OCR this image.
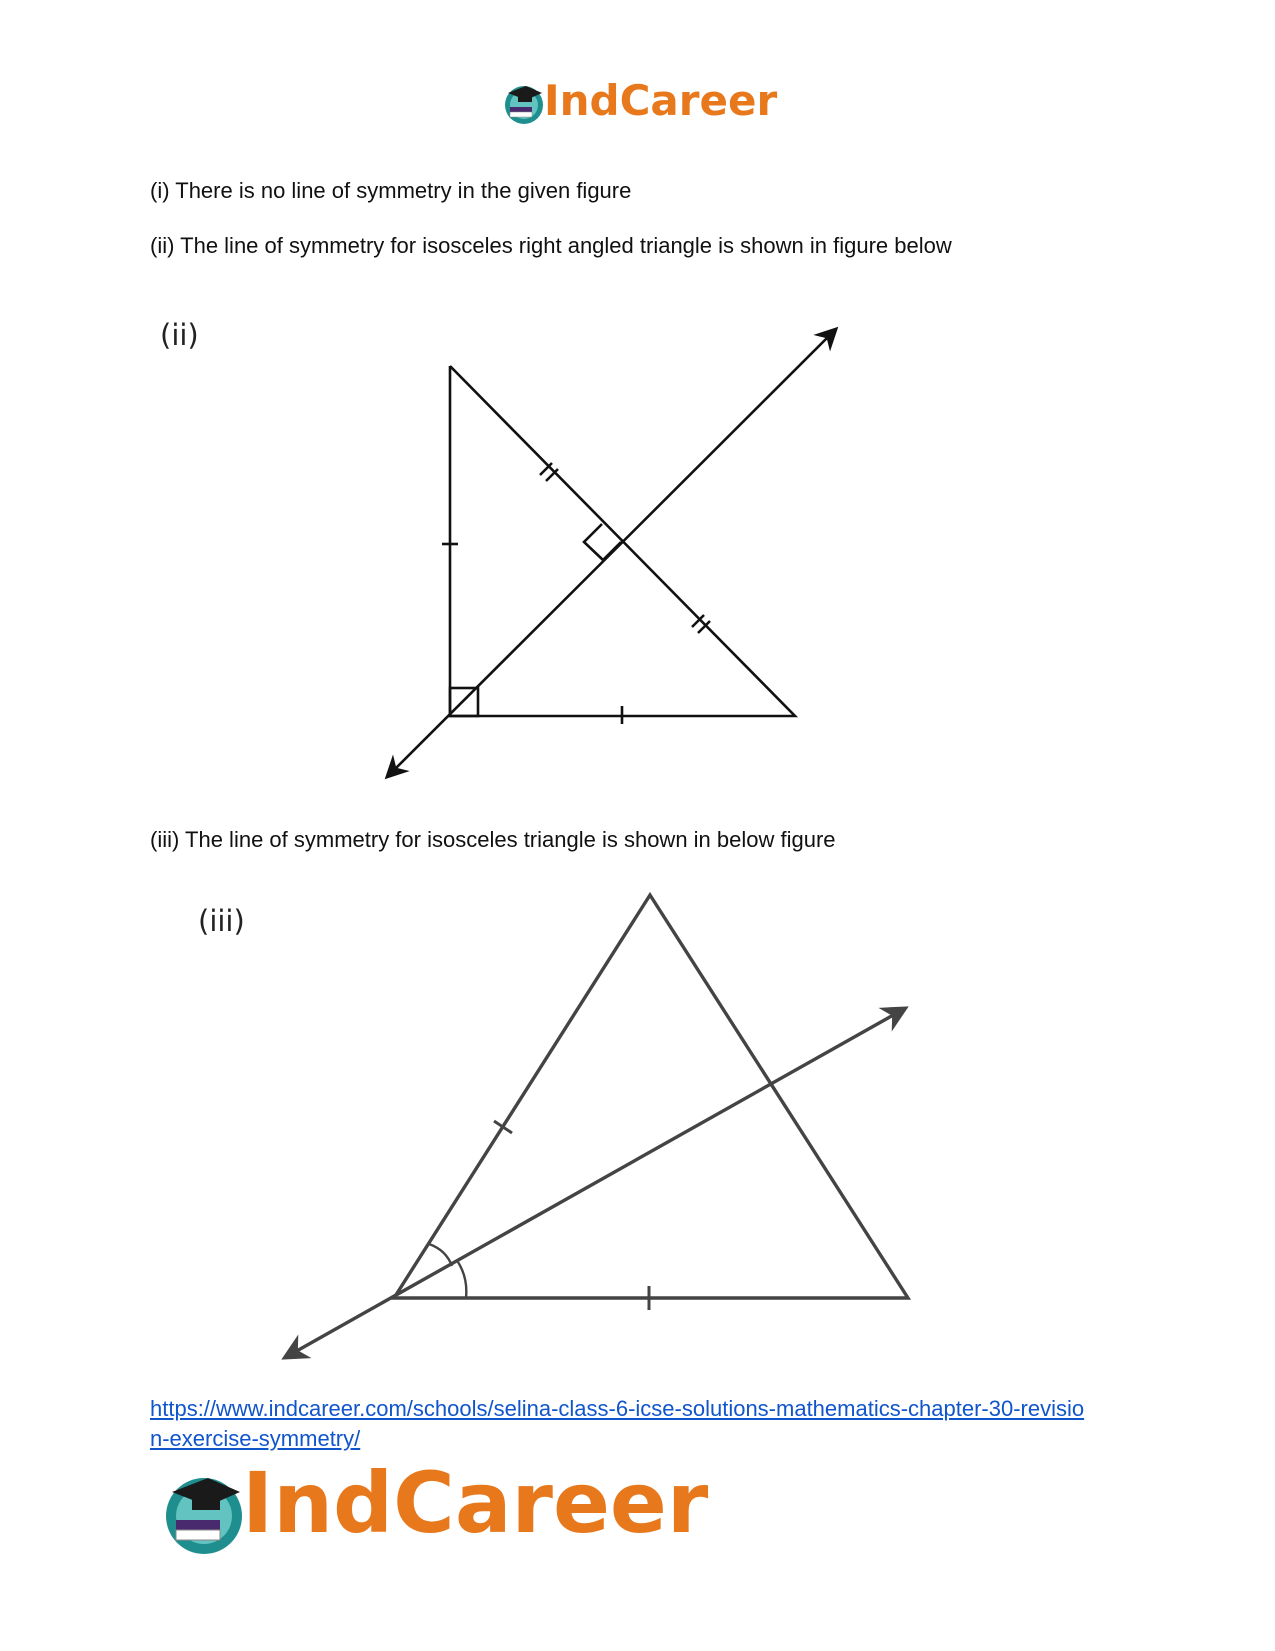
IndCareer
(i) There is no line of symmetry in the given figure
(ii) The line of symmetry for isosceles right angled triangle is shown in figure below
(ii)
(iii) The line of symmetry for isosceles triangle is shown in below figure
(iii)
https://www.indcareer.com/schools/selina-class-6-icse-solutions-mathematics-chapter-30-revisio
n-exercise-symmetry/
IndCareer
